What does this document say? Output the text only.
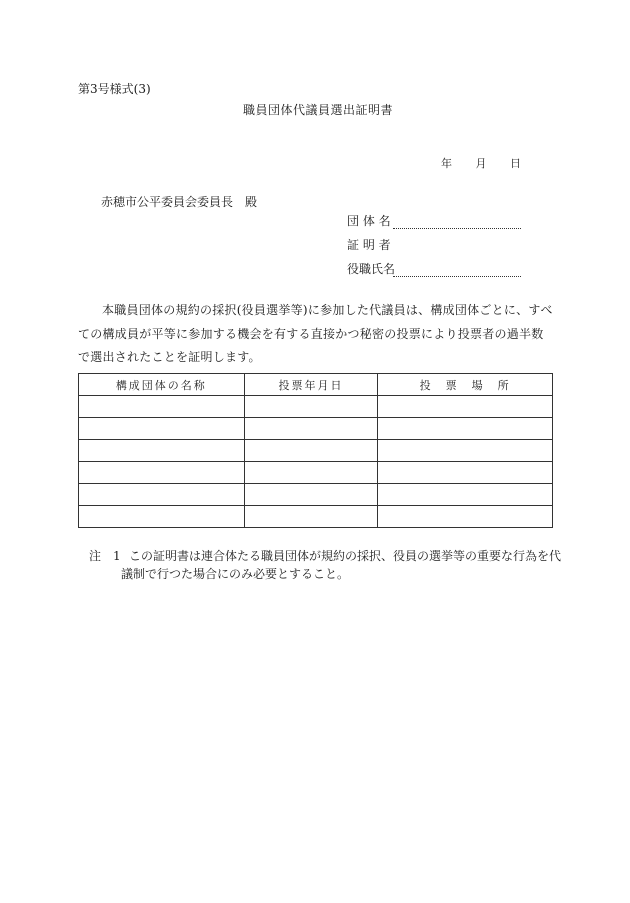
第3号様式(3)
職員団体代議員選出証明書
年 月 日
赤穂市公平委員会委員長　殿
団 体 名
証 明 者
役職氏名
本職員団体の規約の採択(役員選挙等)に参加した代議員は、構成団体ごとに、すべての構成員が平等に参加する機会を有する直接かつ秘密の投票により投票者の過半数で選出されたことを証明します。
構成団体の名称	投票年月日	投　票　場　所

注　1 この証明書は連合体たる職員団体が規約の採択、役員の選挙等の重要な行為を代
議制で行つた場合にのみ必要とすること。
